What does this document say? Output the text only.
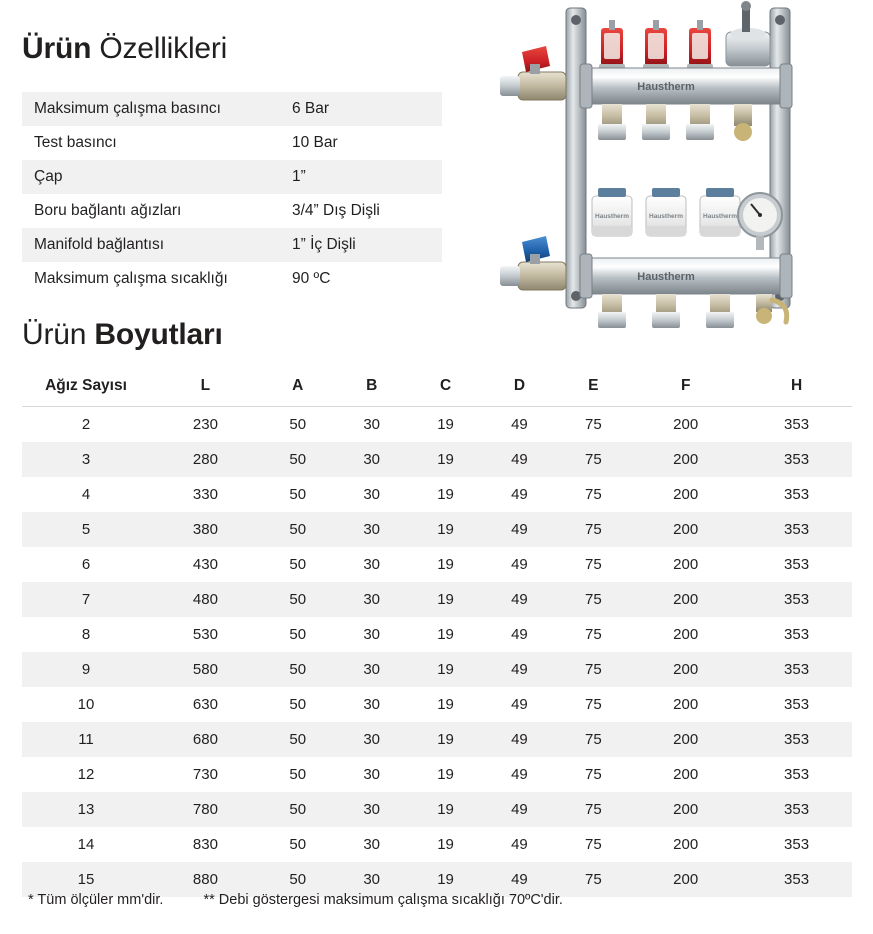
Ürün Özellikleri
Maksimum çalışma basıncı	6 Bar
Test basıncı	10 Bar
Çap	1”
Boru bağlantı ağızları	3/4” Dış Dişli
Manifold bağlantısı	1” İç Dişli
Maksimum çalışma sıcaklığı	90 ºC
Ürün Boyutları
Ağız Sayısı	L	A	B	C	D	E	F	H
2	230	50	30	19	49	75	200	353
3	280	50	30	19	49	75	200	353
4	330	50	30	19	49	75	200	353
5	380	50	30	19	49	75	200	353
6	430	50	30	19	49	75	200	353
7	480	50	30	19	49	75	200	353
8	530	50	30	19	49	75	200	353
9	580	50	30	19	49	75	200	353
10	630	50	30	19	49	75	200	353
11	680	50	30	19	49	75	200	353
12	730	50	30	19	49	75	200	353
13	780	50	30	19	49	75	200	353
14	830	50	30	19	49	75	200	353
15	880	50	30	19	49	75	200	353
* Tüm ölçüler mm'dir.	** Debi göstergesi maksimum çalışma sıcaklığı 70ºC'dir.
Haustherm
Haustherm	Haustherm	Haustherm
Haustherm
